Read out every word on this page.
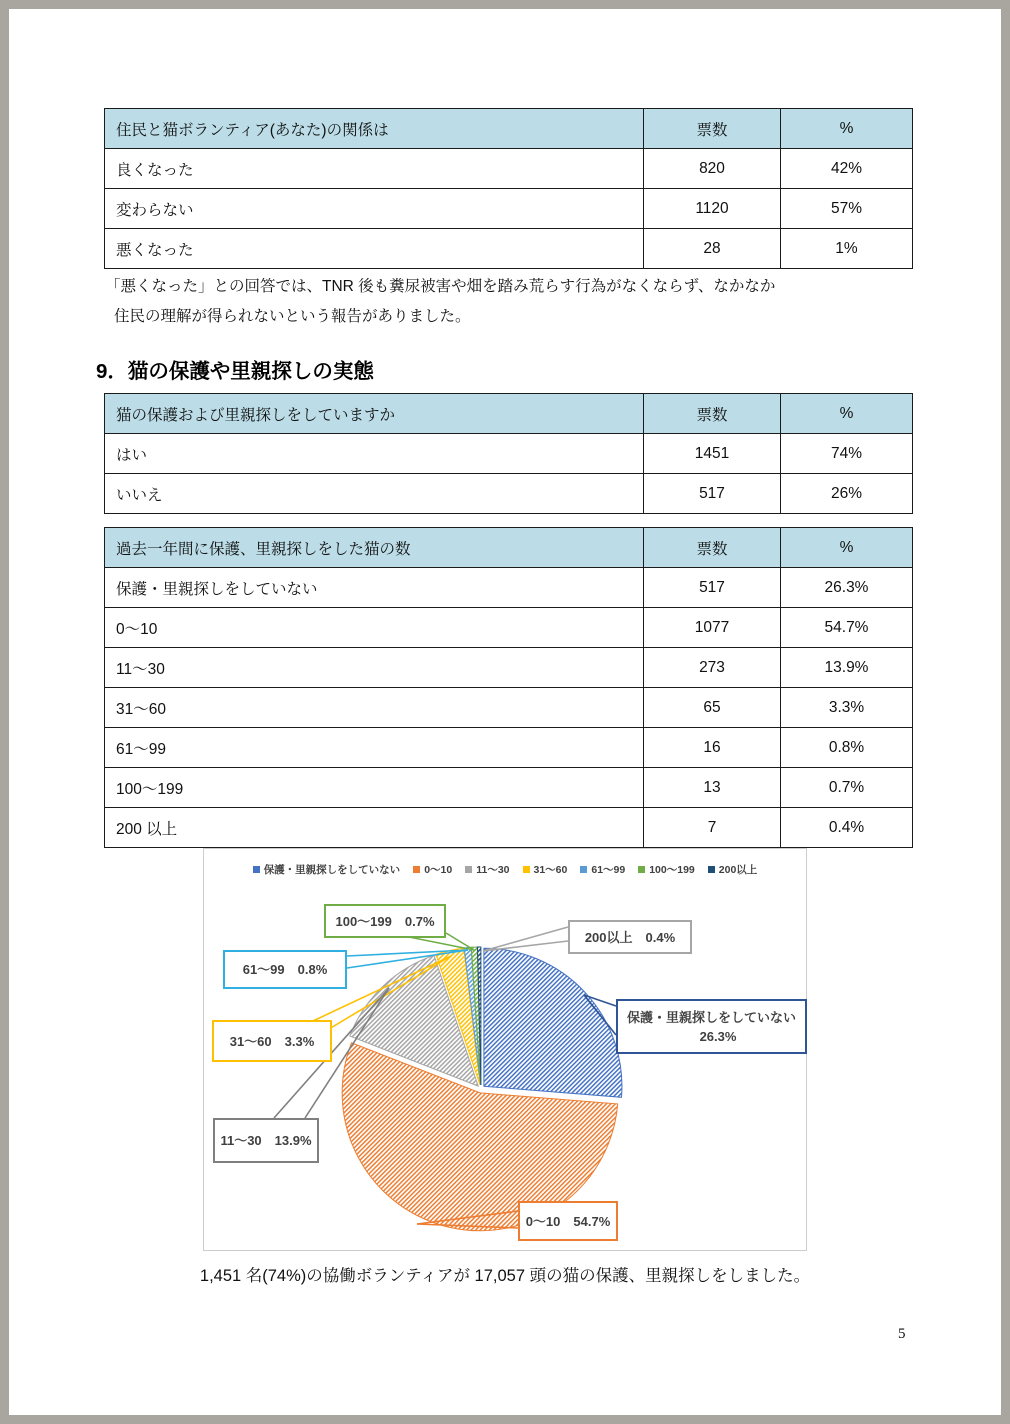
住民と猫ボランティア(あなた)の関係は	票数	%
良くなった	820	42%
変わらない	1120	57%
悪くなった	28	1%
「悪くなった」との回答では、TNR 後も糞尿被害や畑を踏み荒らす行為がなくならず、なかなか
住民の理解が得られないという報告がありました。
9．猫の保護や里親探しの実態
猫の保護および里親探しをしていますか	票数	%
はい	1451	74%
いいえ	517	26%
過去一年間に保護、里親探しをした猫の数	票数	%
保護・里親探しをしていない	517	26.3%
0〜10	1077	54.7%
11〜30	273	13.9%
31〜60	65	3.3%
61〜99	16	0.8%
100〜199	13	0.7%
200 以上	7	0.4%
保護・里親探しをしていない 0〜10 11〜30 31〜60 61〜99 100〜199 200以上
100〜199 0.7%
200以上 0.4%
61〜99 0.8%
31〜60 3.3%
保護・里親探しをしていない
26.3%
11〜30 13.9%
0〜10 54.7%
1,451 名(74%)の協働ボランティアが 17,057 頭の猫の保護、里親探しをしました。
5
